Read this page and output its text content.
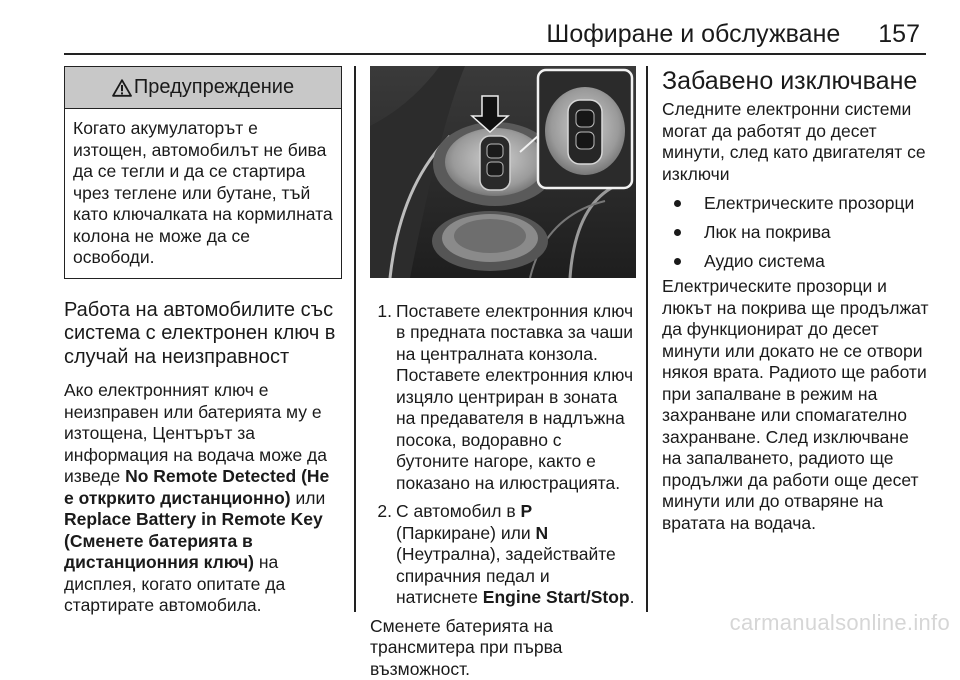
Шофиране и обслужване 157
Предупреждение
Когато акумулаторът е изтощен, автомобилът не бива да се тегли и да се стартира чрез теглене или бутане, тъй като ключалката на кормилната колона не може да се освободи.
Работа на автомобилите със система с електронен ключ в случай на неизправност

Ако електронният ключ е неизправен или батерията му е изтощена, Центърът за информация на водача може да изведе No Remote Detected (Не е откркито дистанционно) или Replace Battery in Remote Key (Сменете батерията в дистанционния ключ) на дисплея, когато опитате да стартирате автомобила.

1. Поставете електронния ключ в предната поставка за чаши на централната конзола. Поставете електронния ключ изцяло центриран в зоната на предавателя в надлъжна посока, водоравно с бутоните нагоре, както е показано на илюстрацията.
2. С автомобил в P (Паркиране) или N (Неутрална), задействайте спирачния педал и натиснете Engine Start/Stop.

Сменете батерията на трансмитера при първа възможност.

Забавено изключване

Следните електронни системи могат да работят до десет минути, след като двигателят се изключи

Електрическите прозорци
Люк на покрива
Аудио система

Електрическите прозорци и люкът на покрива ще продължат да функционират до десет минути или докато не се отвори някоя врата. Радиото ще работи при запалване в режим на захранване или спомагателно захранване. След изключване на запалването, радиото ще продължи да работи още десет минути или до отваряне на вратата на водача.

carmanualsonline.info
